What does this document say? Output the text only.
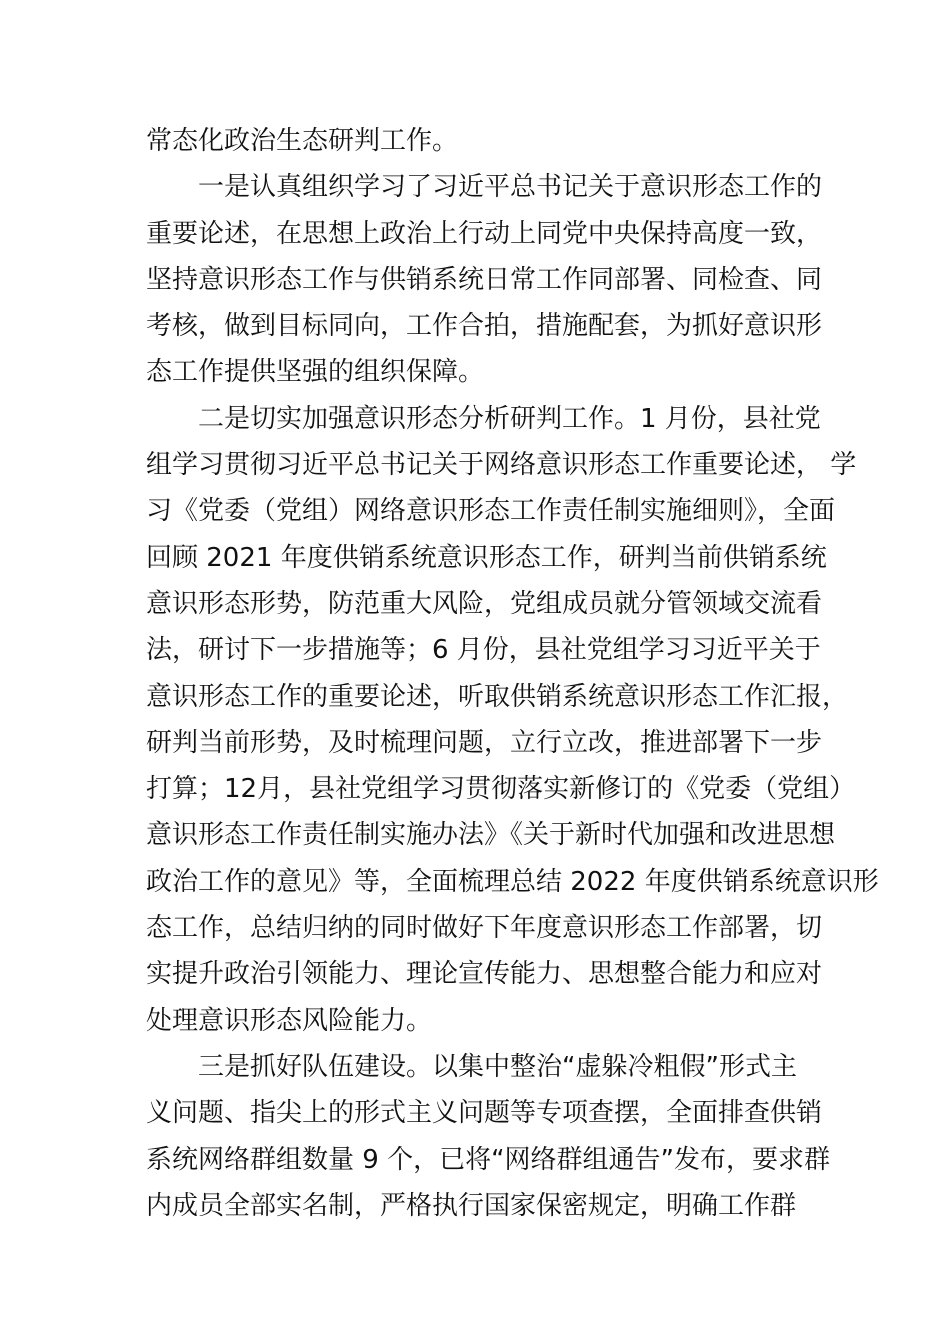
常态化政治生态研判工作。
一是认真组织学习了习近平总书记关于意识形态工作的
重要论述，在思想上政治上行动上同党中央保持高度一致，
坚持意识形态工作与供销系统日常工作同部署、同检查、同
考核，做到目标同向，工作合拍，措施配套，为抓好意识形
态工作提供坚强的组织保障。
二是切实加强意识形态分析研判工作。1 月份，县社党
组学习贯彻习近平总书记关于网络意识形态工作重要论述， 学
习《党委（党组）网络意识形态工作责任制实施细则》，全面
回顾 2021 年度供销系统意识形态工作，研判当前供销系统
意识形态形势，防范重大风险，党组成员就分管领域交流看
法，研讨下一步措施等；6 月份，县社党组学习习近平关于
意识形态工作的重要论述，听取供销系统意识形态工作汇报，
研判当前形势，及时梳理问题，立行立改，推进部署下一步
打算；12月，县社党组学习贯彻落实新修订的《党委（党组）
意识形态工作责任制实施办法》《关于新时代加强和改进思想
政治工作的意见》等，全面梳理总结 2022 年度供销系统意识形
态工作，总结归纳的同时做好下年度意识形态工作部署，切
实提升政治引领能力、理论宣传能力、思想整合能力和应对
处理意识形态风险能力。
三是抓好队伍建设。以集中整治“虚躲冷粗假”形式主
义问题、指尖上的形式主义问题等专项查摆，全面排查供销
系统网络群组数量 9 个，已将“网络群组通告”发布，要求群
内成员全部实名制，严格执行国家保密规定，明确工作群
